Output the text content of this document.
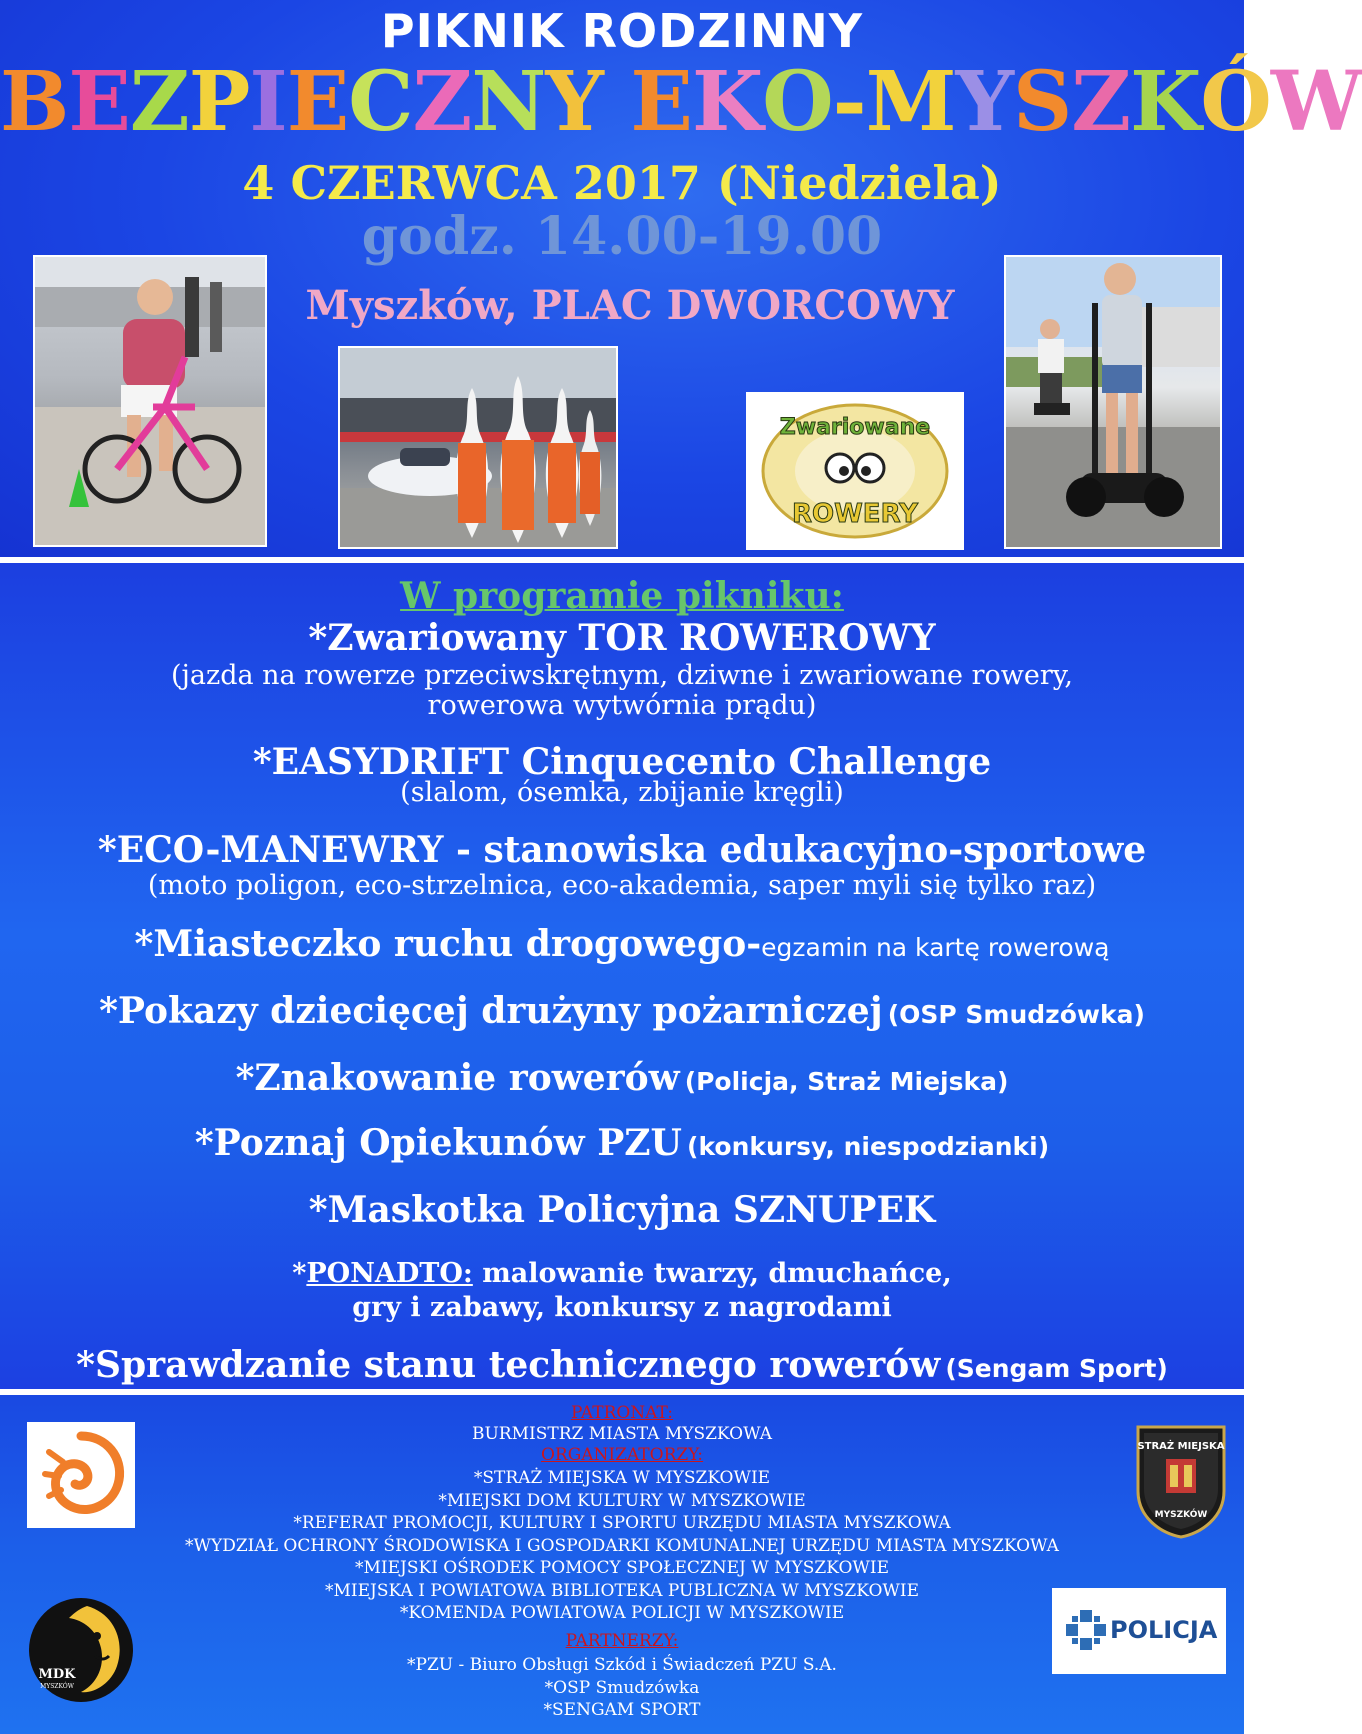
PIKNIK RODZINNY
BEZPIECZNY EKO-MYSZKÓW
4 CZERWCA 2017 (Niedziela)
godz. 14.00-19.00
Myszków, PLAC DWORCOWY
Zwariowane
ROWERY
W programie pikniku:
*Zwariowany TOR ROWEROWY
(jazda na rowerze przeciwskrętnym, dziwne i zwariowane rowery,
rowerowa wytwórnia prądu)
*EASYDRIFT Cinquecento Challenge
(slalom, ósemka, zbijanie kręgli)
*ECO-MANEWRY - stanowiska edukacyjno-sportowe
(moto poligon, eco-strzelnica, eco-akademia, saper myli się tylko raz)
*Miasteczko ruchu drogowego-egzamin na kartę rowerową
*Pokazy dziecięcej drużyny pożarniczej (OSP Smudzówka)
*Znakowanie rowerów (Policja, Straż Miejska)
*Poznaj Opiekunów PZU (konkursy, niespodzianki)
*Maskotka Policyjna SZNUPEK
*PONADTO: malowanie twarzy, dmuchańce,
gry i zabawy, konkursy z nagrodami
*Sprawdzanie stanu technicznego rowerów (Sengam Sport)
PATRONAT:
BURMISTRZ MIASTA MYSZKOWA
ORGANIZATORZY:
*STRAŻ MIEJSKA W MYSZKOWIE
*MIEJSKI DOM KULTURY W MYSZKOWIE
*REFERAT PROMOCJI, KULTURY I SPORTU URZĘDU MIASTA MYSZKOWA
*WYDZIAŁ OCHRONY ŚRODOWISKA I GOSPODARKI KOMUNALNEJ URZĘDU MIASTA MYSZKOWA
*MIEJSKI OŚRODEK POMOCY SPOŁECZNEJ W MYSZKOWIE
*MIEJSKA I POWIATOWA BIBLIOTEKA PUBLICZNA W MYSZKOWIE
*KOMENDA POWIATOWA POLICJI W MYSZKOWIE
PARTNERZY:
*PZU - Biuro Obsługi Szkód i Świadczeń PZU S.A.
*OSP Smudzówka
*SENGAM SPORT
MDK
MYSZKÓW
STRAŻ MIEJSKA
MYSZKÓW
POLICJA
